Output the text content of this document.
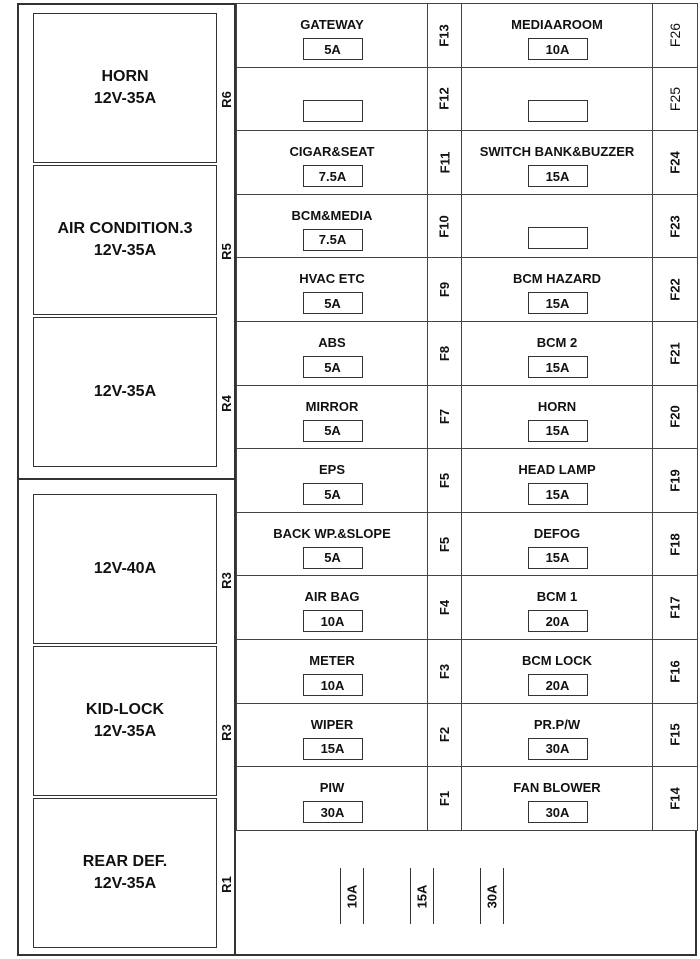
HORN
12V-35A
AIR CONDITION.3
12V-35A
12V-35A
12V-40A
KID-LOCK
12V-35A
REAR DEF.
12V-35A
R6
R5
R4
R3
R3
R1
GATEWAY
5A
F13
F12
CIGAR&SEAT
7.5A
F11
BCM&MEDIA
7.5A
F10
HVAC ETC
5A
F9
ABS
5A
F8
MIRROR
5A
F7
EPS
5A
F5
BACK WP.&SLOPE
5A
F5
AIR BAG
10A
F4
METER
10A
F3
WIPER
15A
F2
PIW
30A
F1
MEDIAAROOM
10A
F26
F25
SWITCH BANK&BUZZER
15A
F24
F23
BCM HAZARD
15A
F22
BCM 2
15A
F21
HORN
15A
F20
HEAD LAMP
15A
F19
DEFOG
15A
F18
BCM 1
20A
F17
BCM LOCK
20A
F16
PR.P/W
30A
F15
FAN BLOWER
30A
F14
10A	15A	30A
